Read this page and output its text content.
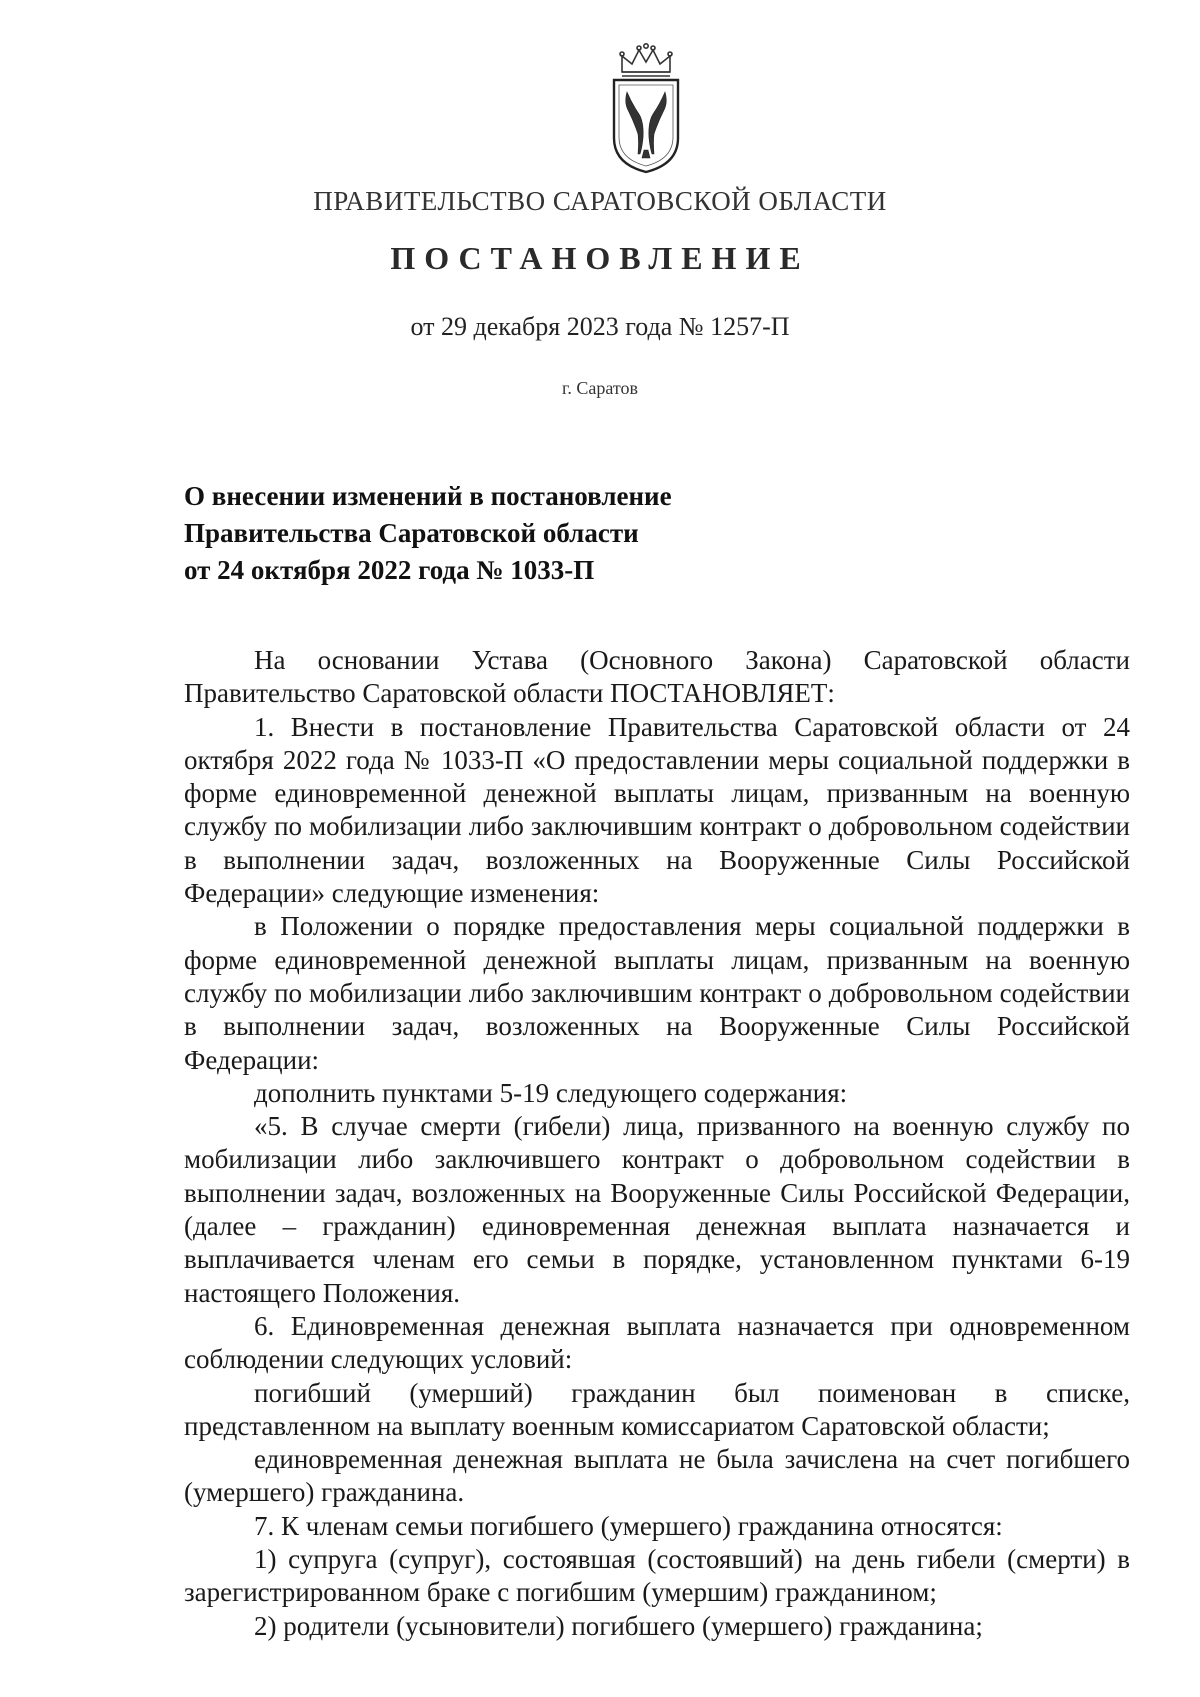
ПРАВИТЕЛЬСТВО САРАТОВСКОЙ ОБЛАСТИ
ПОСТАНОВЛЕНИЕ
от 29 декабря 2023 года № 1257-П
г. Саратов
О внесении изменений в постановление
Правительства Саратовской области
от 24 октября 2022 года № 1033-П

На основании Устава (Основного Закона) Саратовской области Правительство Саратовской области ПОСТАНОВЛЯЕТ:

1. Внести в постановление Правительства Саратовской области от 24 октября 2022 года № 1033-П «О предоставлении меры социальной поддержки в форме единовременной денежной выплаты лицам, призванным на военную службу по мобилизации либо заключившим контракт о добровольном содействии в выполнении задач, возложенных на Вооруженные Силы Российской Федерации» следующие изменения:

в Положении о порядке предоставления меры социальной поддержки в форме единовременной денежной выплаты лицам, призванным на военную службу по мобилизации либо заключившим контракт о добровольном содействии в выполнении задач, возложенных на Вооруженные Силы Российской Федерации:

дополнить пунктами 5-19 следующего содержания:

«5. В случае смерти (гибели) лица, призванного на военную службу по мобилизации либо заключившего контракт о добровольном содействии в выполнении задач, возложенных на Вооруженные Силы Российской Федерации, (далее – гражданин) единовременная денежная выплата назначается и выплачивается членам его семьи в порядке, установленном пунктами 6-19 настоящего Положения.

6. Единовременная денежная выплата назначается при одновременном соблюдении следующих условий:

погибший (умерший) гражданин был поименован в списке, представленном на выплату военным комиссариатом Саратовской области;

единовременная денежная выплата не была зачислена на счет погибшего (умершего) гражданина.

7. К членам семьи погибшего (умершего) гражданина относятся:

1) супруга (супруг), состоявшая (состоявший) на день гибели (смерти) в зарегистрированном браке с погибшим (умершим) гражданином;

2) родители (усыновители) погибшего (умершего) гражданина;
